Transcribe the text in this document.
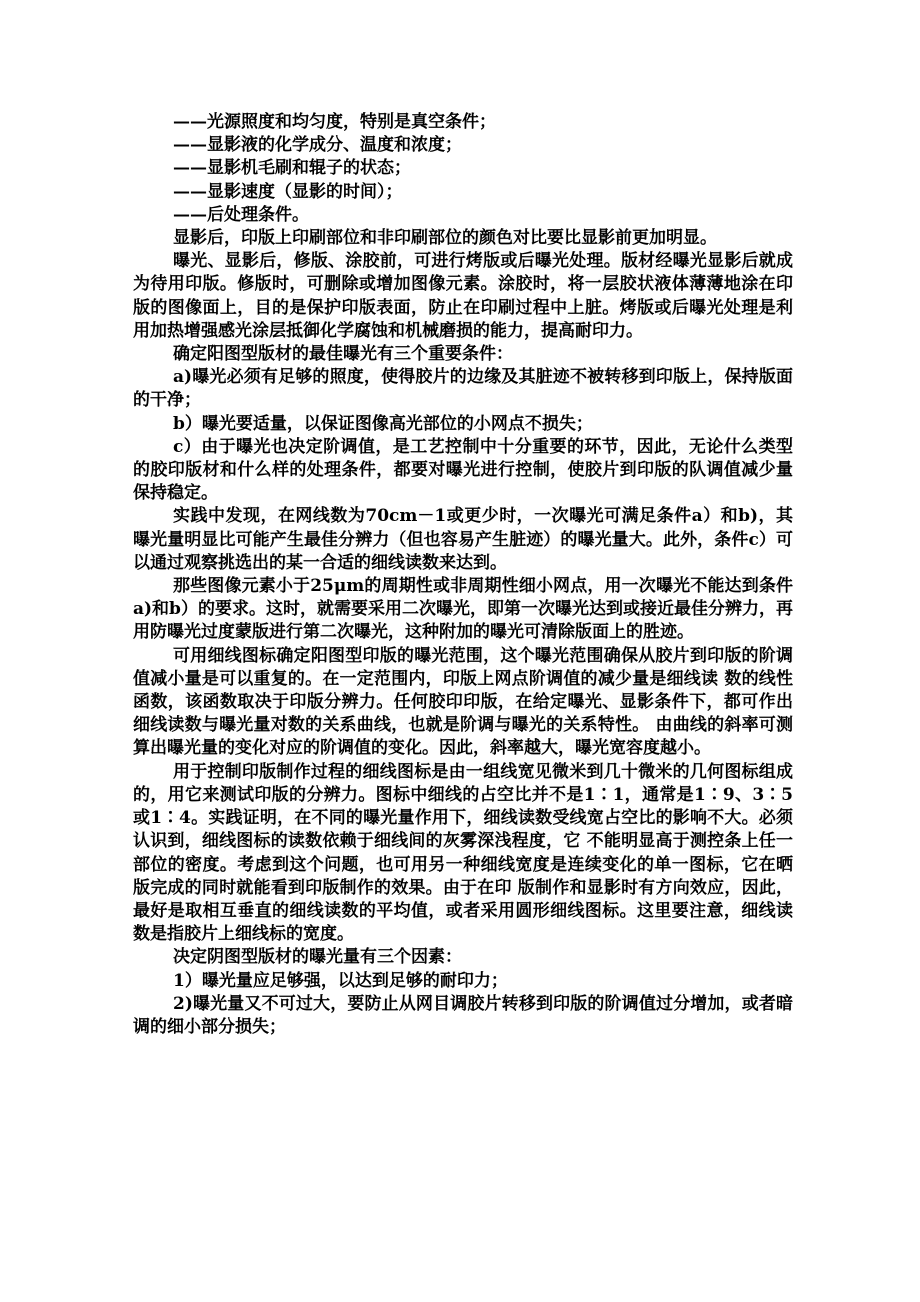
——光源照度和均匀度，特别是真空条件；

——显影液的化学成分、温度和浓度；

——显影机毛刷和辊子的状态；

——显影速度（显影的时间）；

——后处理条件。

显影后，印版上印刷部位和非印刷部位的颜色对比要比显影前更加明显。

曝光、显影后，修版、涂胶前，可进行烤版或后曝光处理。版材经曝光显影后就成为待用印版。修版时，可删除或增加图像元素。涂胶时，将一层胶状液体薄薄地涂在印版的图像面上，目的是保护印版表面，防止在印刷过程中上脏。烤版或后曝光处理是利用加热增强感光涂层抵御化学腐蚀和机械磨损的能力，提高耐印力。

确定阳图型版材的最佳曝光有三个重要条件：

a)曝光必须有足够的照度，使得胶片的边缘及其脏迹不被转移到印版上，保持版面的干净；

b）曝光要适量，以保证图像高光部位的小网点不损失；

c）由于曝光也决定阶调值，是工艺控制中十分重要的环节，因此，无论什么类型的胶印版材和什么样的处理条件，都要对曝光进行控制，使胶片到印版的队调值减少量保持稳定。

实践中发现，在网线数为70cm－1或更少时，一次曝光可满足条件a）和b)，其曝光量明显比可能产生最佳分辨力（但也容易产生脏迹）的曝光量大。此外，条件c）可以通过观察挑选出的某一合适的细线读数来达到。

那些图像元素小于25μm的周期性或非周期性细小网点，用一次曝光不能达到条件a)和b）的要求。这时，就需要采用二次曝光，即第一次曝光达到或接近最佳分辨力，再用防曝光过度蒙版进行第二次曝光，这种附加的曝光可清除版面上的胜迹。

可用细线图标确定阳图型印版的曝光范围，这个曝光范围确保从胶片到印版的阶调值减小量是可以重复的。在一定范围内，印版上网点阶调值的减少量是细线读 数的线性函数，该函数取决于印版分辨力。任何胶印印版，在给定曝光、显影条件下，都可作出细线读数与曝光量对数的关系曲线，也就是阶调与曝光的关系特性。 由曲线的斜率可测算出曝光量的变化对应的阶调值的变化。因此，斜率越大，曝光宽容度越小。

用于控制印版制作过程的细线图标是由一组线宽见微米到几十微米的几何图标组成的，用它来测试印版的分辨力。图标中细线的占空比并不是1∶1，通常是1∶9、3∶5或1∶4。实践证明，在不同的曝光量作用下，细线读数受线宽占空比的影响不大。必须认识到，细线图标的读数依赖于细线间的灰雾深浅程度，它 不能明显高于测控条上任一部位的密度。考虑到这个问题，也可用另一种细线宽度是连续变化的单一图标，它在晒版完成的同时就能看到印版制作的效果。由于在印 版制作和显影时有方向效应，因此，最好是取相互垂直的细线读数的平均值，或者采用圆形细线图标。这里要注意，细线读数是指胶片上细线标的宽度。

决定阴图型版材的曝光量有三个因素：

1）曝光量应足够强，以达到足够的耐印力；

2)曝光量又不可过大，要防止从网目调胶片转移到印版的阶调值过分增加，或者暗调的细小部分损失；
